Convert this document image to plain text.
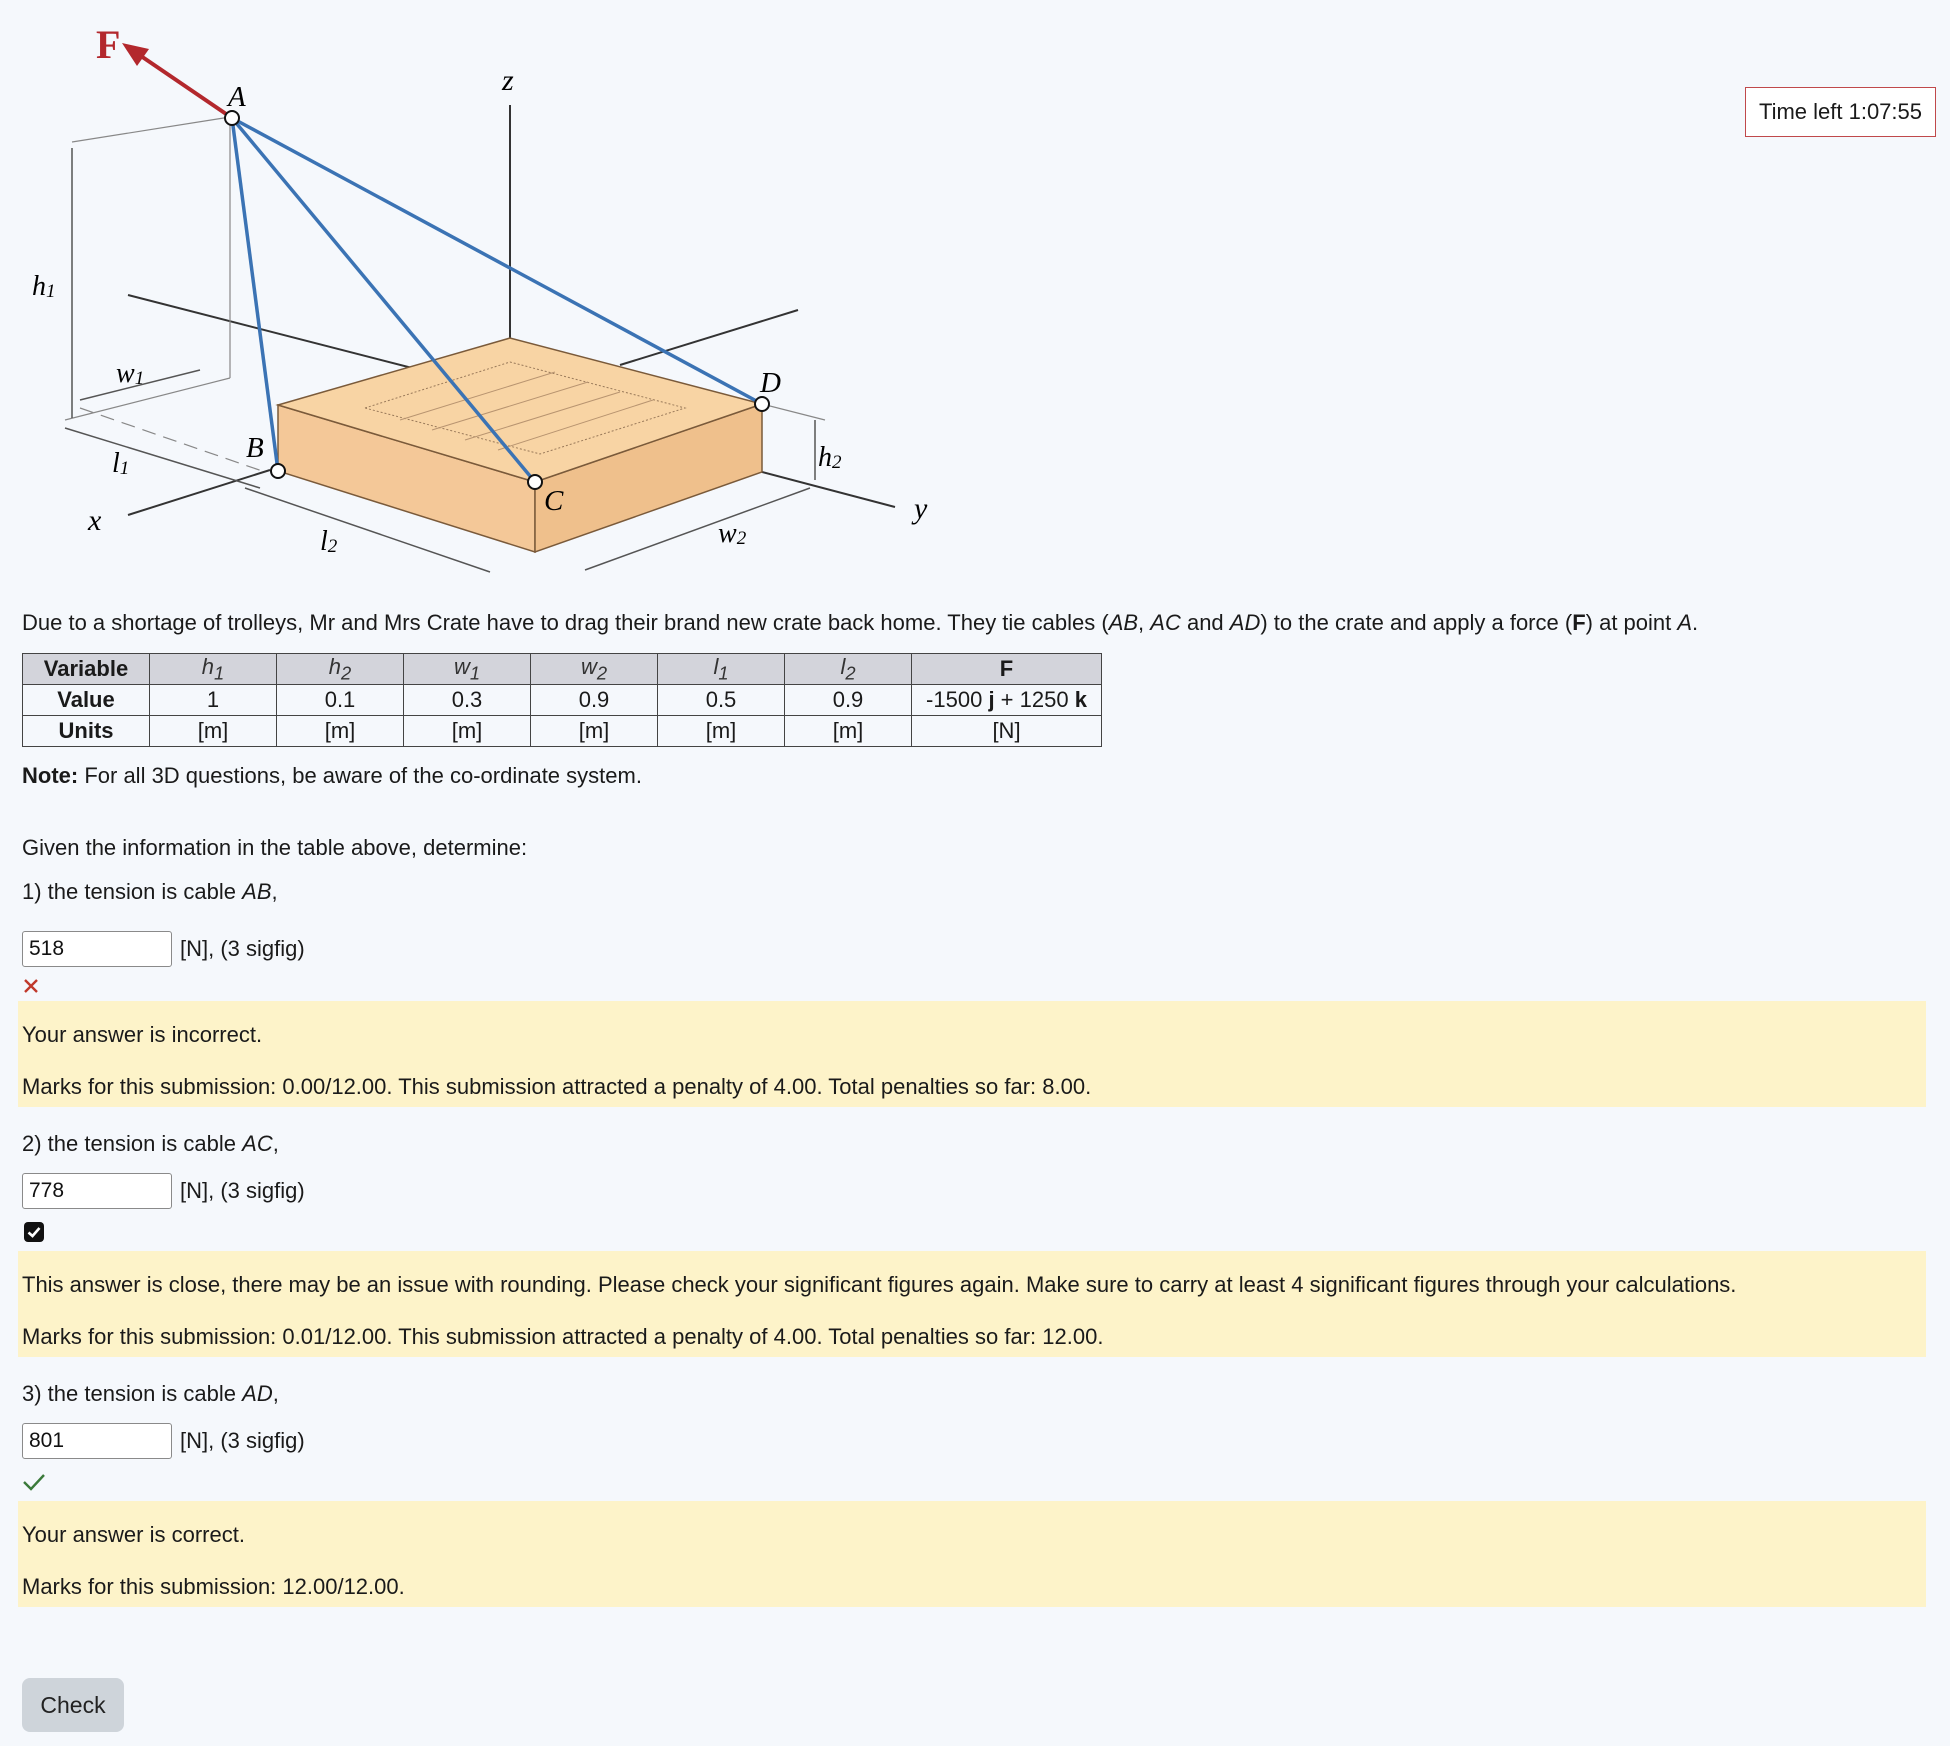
F
A
B
C
D
z
x	y
h1
w1
l1
l2	w2
h2
Time left 1:07:55

Due to a shortage of trolleys, Mr and Mrs Crate have to drag their brand new crate back home. They tie cables (AB, AC and AD) to the crate and apply a force (F) at point A.

Variable	$h_1$	$h_2$	$w_1$	$w_2$	$l_1$	$l_2$	F
Value	1	0.1	0.3	0.9	0.5	0.9	-1500 j + 1250 k
Units	[m]	[m]	[m]	[m]	[m]	[m]	[N]

Note: For all 3D questions, be aware of the co-ordinate system.

Given the information in the table above, determine:

1) the tension is cable AB,

518
[N], (3 sigfig)

Your answer is incorrect.

Marks for this submission: 0.00/12.00. This submission attracted a penalty of 4.00. Total penalties so far: 8.00.

2) the tension is cable AC,

778
[N], (3 sigfig)

This answer is close, there may be an issue with rounding. Please check your significant figures again. Make sure to carry at least 4 significant figures through your calculations.

Marks for this submission: 0.01/12.00. This submission attracted a penalty of 4.00. Total penalties so far: 12.00.

3) the tension is cable AD,

801
[N], (3 sigfig)

Your answer is correct.

Marks for this submission: 12.00/12.00.

Check
